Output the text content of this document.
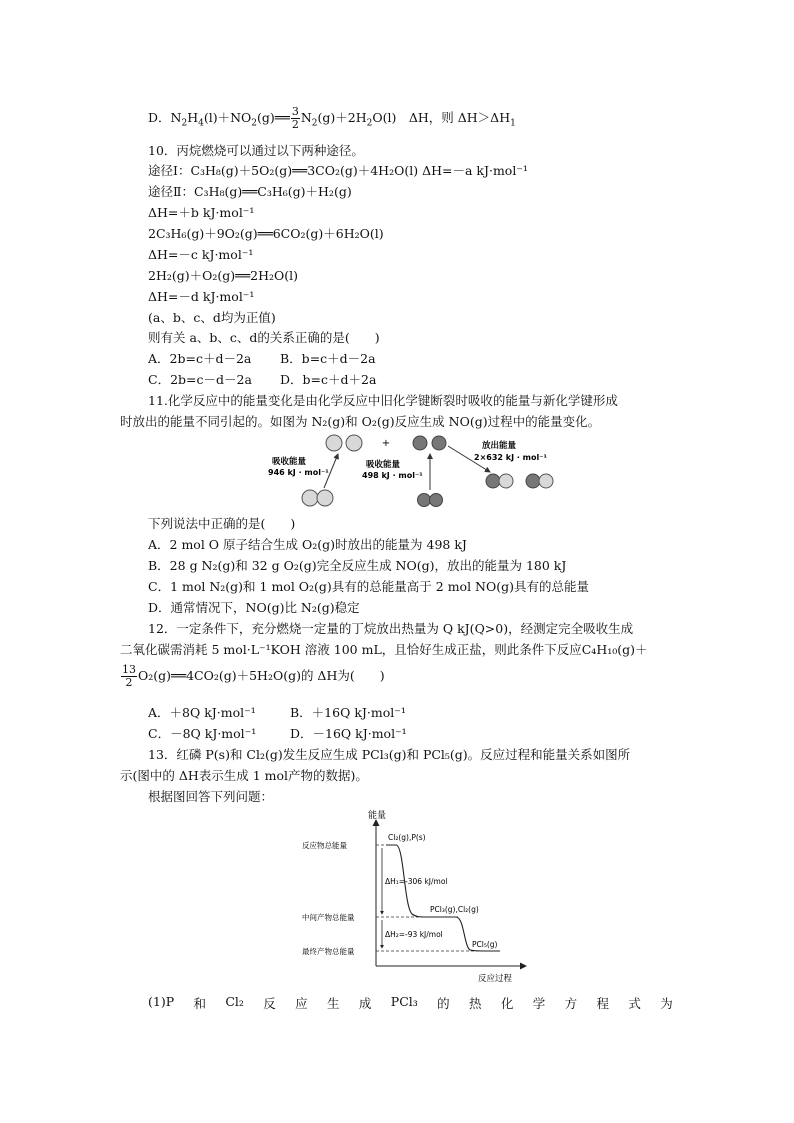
D．$N_2H_4(l)+NO_2(g)══ \frac{3}{2} N_2(g)+2H_2O(l)$　ΔH，则 $\Delta H>\Delta H_1$
10．丙烷燃烧可以通过以下两种途径。
途径Ⅰ：C₃H₈(g)＋5O₂(g)══3CO₂(g)＋4H₂O(l) ΔH=－a kJ·mol⁻¹
途径Ⅱ：C₃H₈(g)══C₃H₆(g)＋H₂(g)
ΔH=＋b kJ·mol⁻¹
2C₃H₆(g)＋9O₂(g)══6CO₂(g)＋6H₂O(l)
ΔH=－c kJ·mol⁻¹
2H₂(g)＋O₂(g)══2H₂O(l)
ΔH=－d kJ·mol⁻¹
(a、b、c、d均为正值)
则有关 a、b、c、d的关系正确的是(　　)
A．2b=c＋d－2a B．b=c＋d－2a
C．2b=c－d－2a D．b=c＋d＋2a
11.化学反应中的能量变化是由化学反应中旧化学键断裂时吸收的能量与新化学键形成
时放出的能量不同引起的。如图为 N₂(g)和 O₂(g)反应生成 NO(g)过程中的能量变化。
+
吸收能量
946 kJ · mol⁻¹
吸收能量
498 kJ · mol⁻¹
放出能量
2×632 kJ · mol⁻¹
下列说法中正确的是(　　)
A．2 mol O 原子结合生成 O₂(g)时放出的能量为 498 kJ
B．28 g N₂(g)和 32 g O₂(g)完全反应生成 NO(g)，放出的能量为 180 kJ
C．1 mol N₂(g)和 1 mol O₂(g)具有的总能量高于 2 mol NO(g)具有的总能量
D．通常情况下，NO(g)比 N₂(g)稳定
12．一定条件下，充分燃烧一定量的丁烷放出热量为 Q kJ(Q>0)，经测定完全吸收生成
二氧化碳需消耗 5 mol·L⁻¹KOH 溶液 100 mL，且恰好生成正盐，则此条件下反应C₄H₁₀(g)＋
$\frac{13}{2}$ O₂(g)══4CO₂(g)＋5H₂O(g)的 ΔH为(　　)
A．＋8Q kJ·mol⁻¹	B．＋16Q kJ·mol⁻¹
C．－8Q kJ·mol⁻¹	D．－16Q kJ·mol⁻¹
13．红磷 P(s)和 Cl₂(g)发生反应生成 PCl₃(g)和 PCl₅(g)。反应过程和能量关系如图所
示(图中的 ΔH表示生成 1 mol产物的数据)。
根据图回答下列问题：
能量
反应过程
反应物总能量
中间产物总能量
最终产物总能量
Cl₂(g),P(s)
PCl₃(g),Cl₂(g)
PCl₅(g)
ΔH₁=-306 kJ/mol
ΔH₂=-93 kJ/mol
(1)P 和 Cl₂ 反 应 生 成 PCl₃ 的 热 化 学 方 程 式 为
